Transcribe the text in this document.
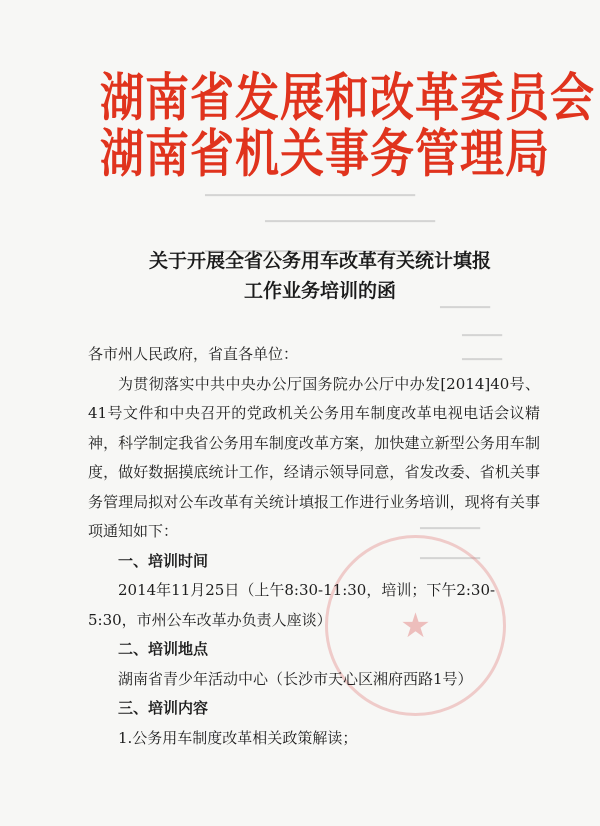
▁▁▁▁▁▁▁▁▁▁▁▁▁▁▁▁▁▁▁▁▁
▁▁▁▁▁▁▁▁▁▁▁▁▁▁▁▁▁
▁▁▁▁▁▁▁▁▁▁▁▁▁▁▁▁▁▁▁▁▁▁▁
▁▁▁▁▁
▁▁▁▁
▁▁▁▁
▁▁▁▁▁▁
▁▁▁▁▁▁
★
湖南省发展和改革委员会
湖南省机关事务管理局
关于开展全省公务用车改革有关统计填报
工作业务培训的函

各市州人民政府，省直各单位：

为贯彻落实中共中央办公厅国务院办公厅中办发[2014]40号、41号文件和中央召开的党政机关公务用车制度改革电视电话会议精神，科学制定我省公务用车制度改革方案，加快建立新型公务用车制度，做好数据摸底统计工作，经请示领导同意，省发改委、省机关事务管理局拟对公车改革有关统计填报工作进行业务培训，现将有关事项通知如下：

一、培训时间

2014年11月25日（上午8:30-11:30，培训；下午2:30-5:30，市州公车改革办负责人座谈）

二、培训地点

湖南省青少年活动中心（长沙市天心区湘府西路1号）

三、培训内容

1.公务用车制度改革相关政策解读；
